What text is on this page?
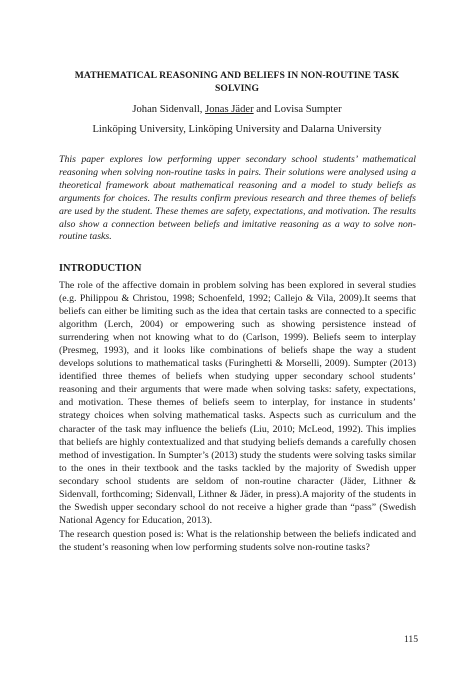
MATHEMATICAL REASONING AND BELIEFS IN NON-ROUTINE TASK SOLVING
Johan Sidenvall, Jonas Jäder and Lovisa Sumpter
Linköping University, Linköping University and Dalarna University

This paper explores low performing upper secondary school students’ mathematical reasoning when solving non-routine tasks in pairs. Their solutions were analysed using a theoretical framework about mathematical reasoning and a model to study beliefs as arguments for choices. The results confirm previous research and three themes of beliefs are used by the student. These themes are safety, expectations, and motivation. The results also show a connection between beliefs and imitative reasoning as a way to solve non-routine tasks.

INTRODUCTION

The role of the affective domain in problem solving has been explored in several studies (e.g. Philippou & Christou, 1998; Schoenfeld, 1992; Callejo & Vila, 2009).It seems that beliefs can either be limiting such as the idea that certain tasks are connected to a specific algorithm (Lerch, 2004) or empowering such as showing persistence instead of surrendering when not knowing what to do (Carlson, 1999). Beliefs seem to interplay (Presmeg, 1993), and it looks like combinations of beliefs shape the way a student develops solutions to mathematical tasks (Furinghetti & Morselli, 2009). Sumpter (2013) identified three themes of beliefs when studying upper secondary school students’ reasoning and their arguments that were made when solving tasks: safety, expectations, and motivation. These themes of beliefs seem to interplay, for instance in students’ strategy choices when solving mathematical tasks. Aspects such as curriculum and the character of the task may influence the beliefs (Liu, 2010; McLeod, 1992). This implies that beliefs are highly contextualized and that studying beliefs demands a carefully chosen method of investigation. In Sumpter’s (2013) study the students were solving tasks similar to the ones in their textbook and the tasks tackled by the majority of Swedish upper secondary school students are seldom of non-routine character (Jäder, Lithner & Sidenvall, forthcoming; Sidenvall, Lithner & Jäder, in press).A majority of the students in the Swedish upper secondary school do not receive a higher grade than “pass” (Swedish National Agency for Education, 2013).

The research question posed is: What is the relationship between the beliefs indicated and the student’s reasoning when low performing students solve non-routine tasks?

115
